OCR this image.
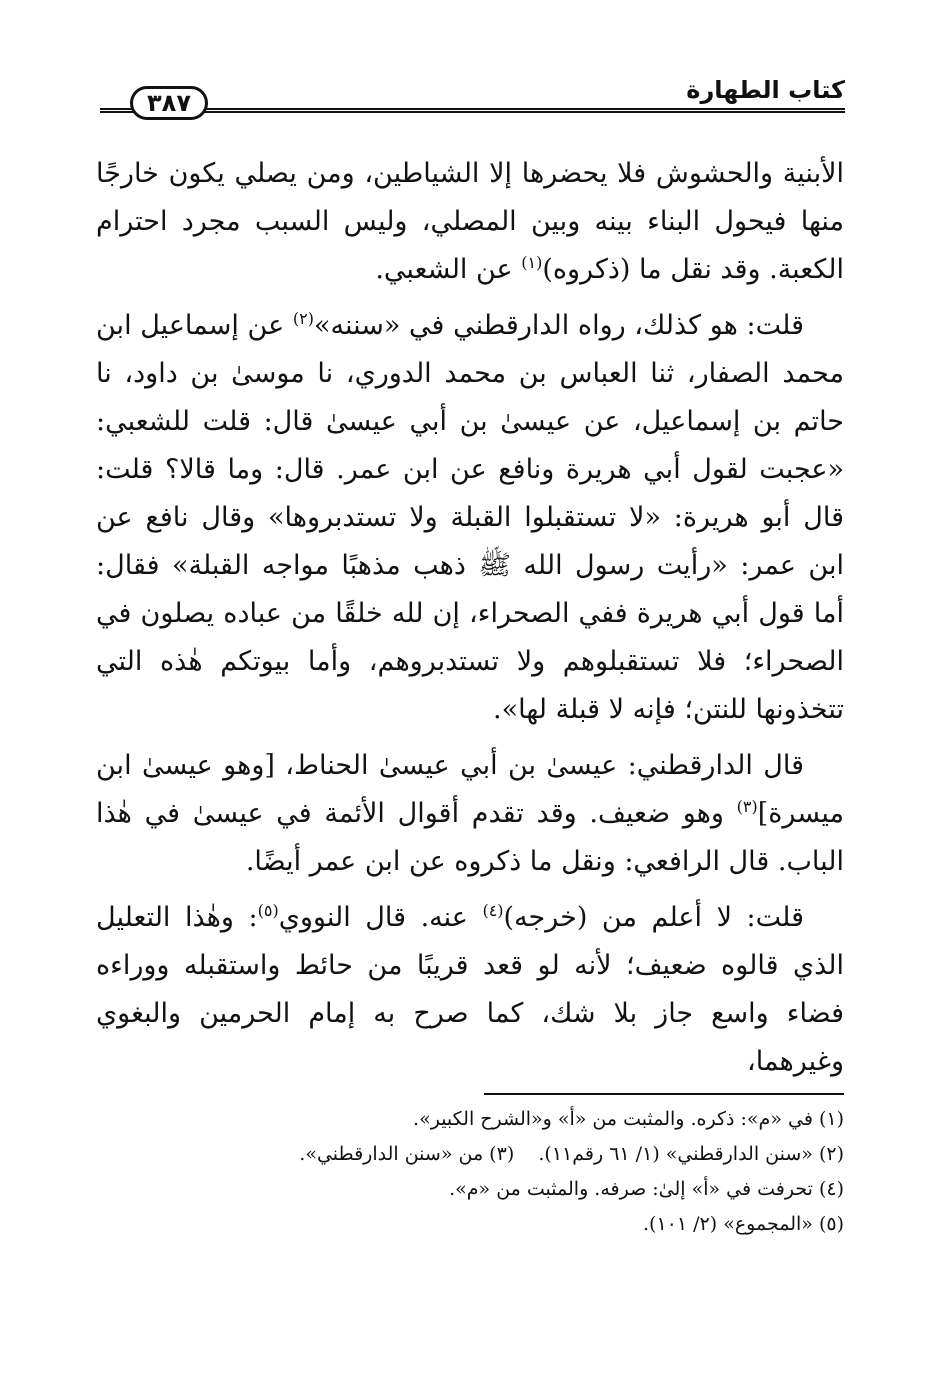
كتاب الطهارة
٣٨٧

الأبنية والحشوش فلا يحضرها إلا الشياطين، ومن يصلي يكون خارجًا منها فيحول البناء بينه وبين المصلي، وليس السبب مجرد احترام الكعبة. وقد نقل ما (ذكروه)$^{(١)}$ عن الشعبي.

قلت: هو كذلك، رواه الدارقطني في «سننه»$^{(٢)}$ عن إسماعيل ابن محمد الصفار، ثنا العباس بن محمد الدوري، نا موسىٰ بن داود، نا حاتم بن إسماعيل، عن عيسىٰ بن أبي عيسىٰ قال: قلت للشعبي: «عجبت لقول أبي هريرة ونافع عن ابن عمر. قال: وما قالا؟ قلت: قال أبو هريرة: «لا تستقبلوا القبلة ولا تستدبروها» وقال نافع عن ابن عمر: «رأيت رسول الله ﷺ ذهب مذهبًا مواجه القبلة» فقال: أما قول أبي هريرة ففي الصحراء، إن لله خلقًا من عباده يصلون في الصحراء؛ فلا تستقبلوهم ولا تستدبروهم، وأما بيوتكم هٰذه التي تتخذونها للنتن؛ فإنه لا قبلة لها».

قال الدارقطني: عيسىٰ بن أبي عيسىٰ الحناط، [وهو عيسىٰ ابن ميسرة]$^{(٣)}$ وهو ضعيف. وقد تقدم أقوال الأئمة في عيسىٰ في هٰذا الباب. قال الرافعي: ونقل ما ذكروه عن ابن عمر أيضًا.

قلت: لا أعلم من (خرجه)$^{(٤)}$ عنه. قال النووي$^{(٥)}$: وهٰذا التعليل الذي قالوه ضعيف؛ لأنه لو قعد قريبًا من حائط واستقبله ووراءه فضاء واسع جاز بلا شك، كما صرح به إمام الحرمين والبغوي وغيرهما،

(١) في «م»: ذكره. والمثبت من «أ» و«الشرح الكبير».

(٢) «سنن الدارقطني» (١/ ٦١ رقم١١).    (٣) من «سنن الدارقطني».

(٤) تحرفت في «أ» إلىٰ: صرفه. والمثبت من «م».

(٥) «المجموع» (٢/ ١٠١).
